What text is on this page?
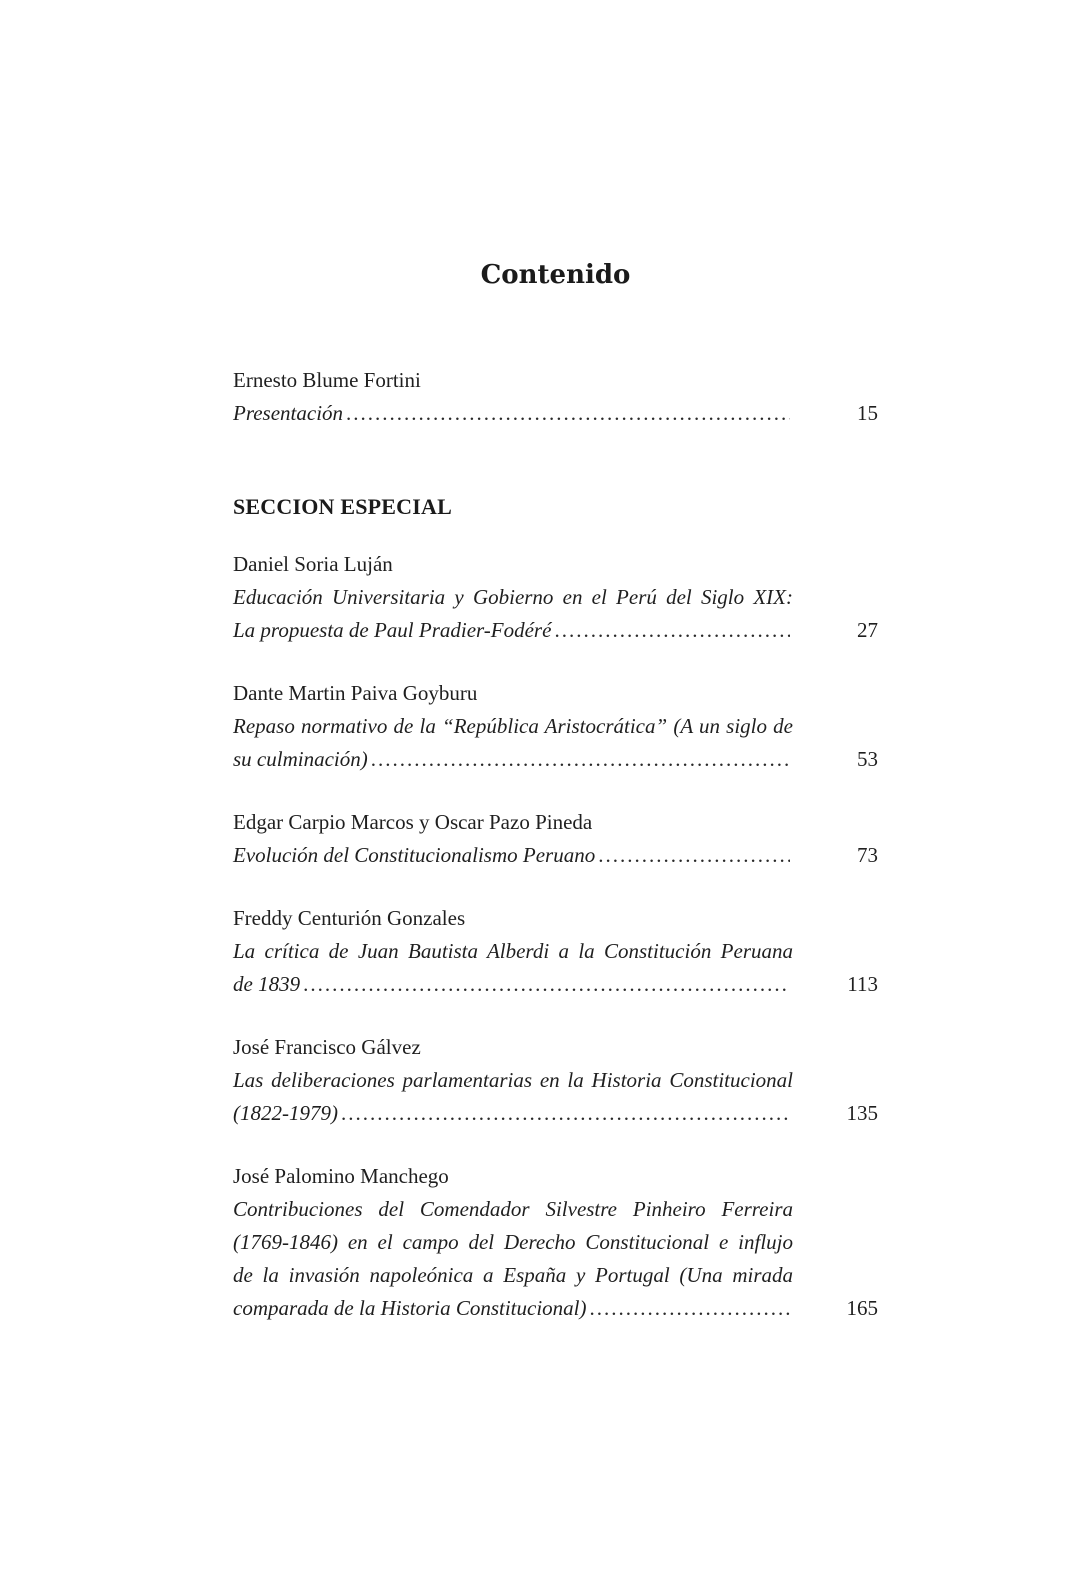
Contenido
Ernesto Blume Fortini
Presentación .....	15
SECCION ESPECIAL
Daniel Soria Luján
Educación Universitaria y Gobierno en el Perú del Siglo XIX:
La propuesta de Paul Pradier-Fodéré .....	27
Dante Martin Paiva Goyburu
Repaso normativo de la “República Aristocrática” (A un siglo de
su culminación) .....	53
Edgar Carpio Marcos y Oscar Pazo Pineda
Evolución del Constitucionalismo Peruano .....	73
Freddy Centurión Gonzales
La crítica de Juan Bautista Alberdi a la Constitución Peruana
de 1839 .....	113
José Francisco Gálvez
Las deliberaciones parlamentarias en la Historia Constitucional
(1822-1979) .....	135
José Palomino Manchego
Contribuciones del Comendador Silvestre Pinheiro Ferreira
(1769-1846) en el campo del Derecho Constitucional e influjo
de la invasión napoleónica a España y Portugal (Una mirada
comparada de la Historia Constitucional) .....	165
